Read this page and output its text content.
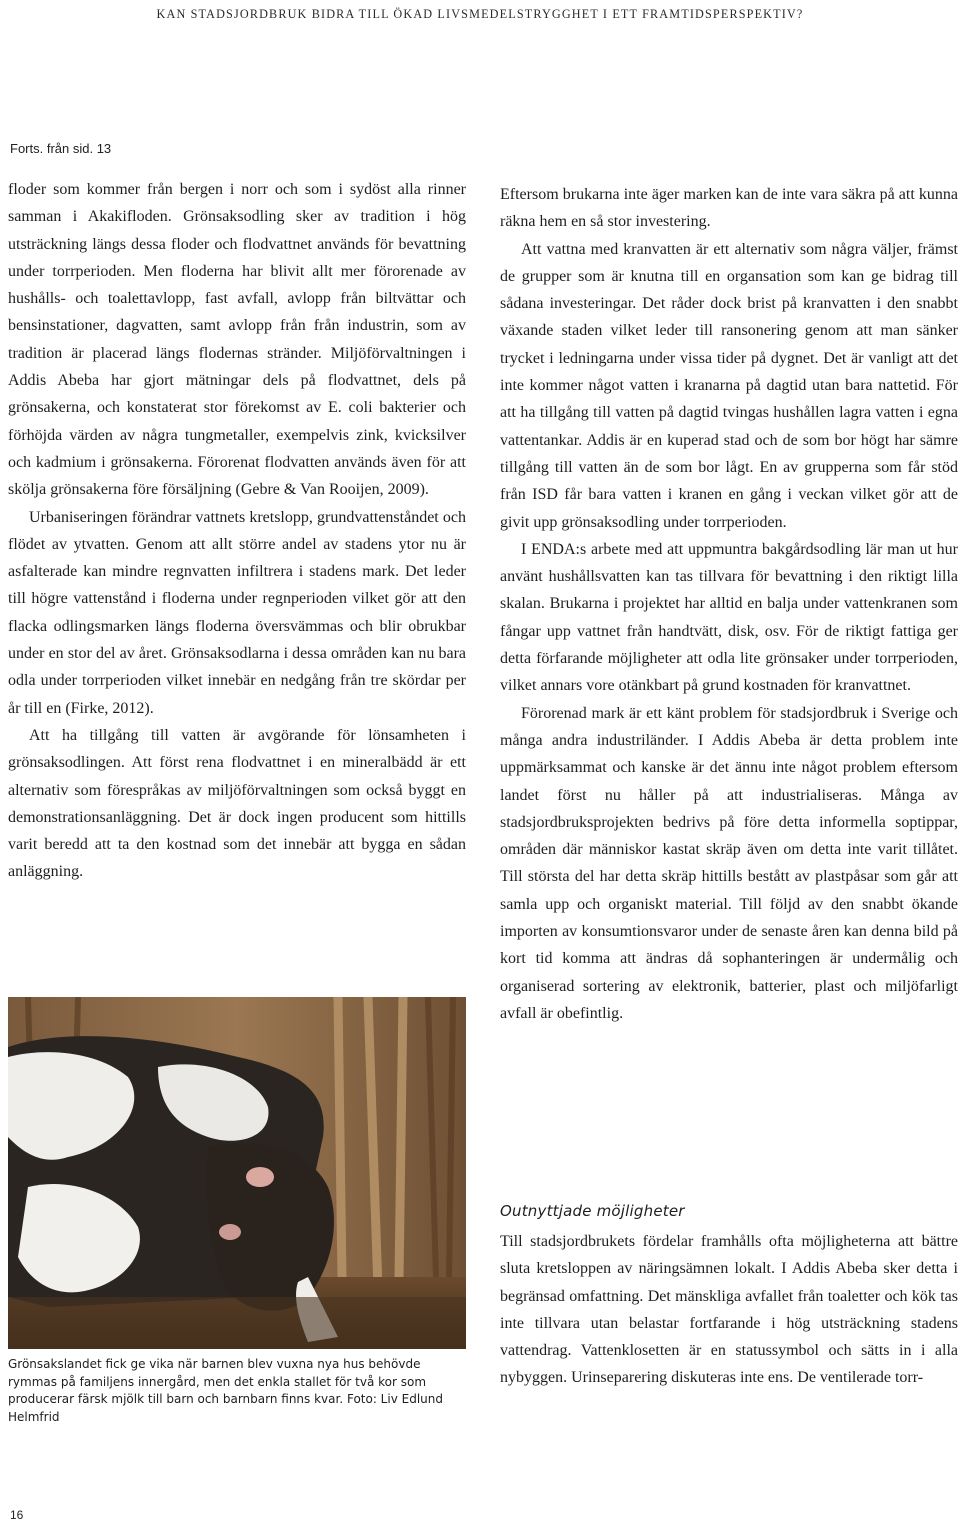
KAN STADSJORDBRUK BIDRA TILL ÖKAD LIVSMEDELSTRYGGHET I ETT FRAMTIDSPERSPEKTIV?
Forts. från sid. 13

floder som kommer från bergen i norr och som i sydöst alla rinner samman i Akakifloden. Grönsaksodling sker av tradition i hög utsträckning längs dessa floder och flodvattnet används för bevattning under torrperioden. Men floderna har blivit allt mer förorenade av hushålls- och toalettavlopp, fast avfall, avlopp från biltvättar och bensinstationer, dagvatten, samt avlopp från från industrin, som av tradition är placerad längs flodernas stränder. Miljöförvaltningen i Addis Abeba har gjort mätningar dels på flodvattnet, dels på grönsakerna, och konstaterat stor förekomst av E. coli bakterier och förhöjda värden av några tungmetaller, exempelvis zink, kvicksilver och kadmium i grönsakerna. Förorenat flodvatten används även för att skölja grönsakerna före försäljning (Gebre & Van Rooijen, 2009).

Urbaniseringen förändrar vattnets kretslopp, grundvattenståndet och flödet av ytvatten. Genom att allt större andel av stadens ytor nu är asfalterade kan mindre regnvatten infiltrera i stadens mark. Det leder till högre vattenstånd i floderna under regnperioden vilket gör att den flacka odlingsmarken längs floderna översvämmas och blir obrukbar under en stor del av året. Grönsaksodlarna i dessa områden kan nu bara odla under torrperioden vilket innebär en nedgång från tre skördar per år till en (Firke, 2012).

Att ha tillgång till vatten är avgörande för lönsamheten i grönsaksodlingen. Att först rena flodvattnet i en mineralbädd är ett alternativ som förespråkas av miljöförvaltningen som också byggt en demonstrationsanläggning. Det är dock ingen producent som hittills varit beredd att ta den kostnad som det innebär att bygga en sådan anläggning.

Grönsakslandet fick ge vika när barnen blev vuxna nya hus behövde rymmas på familjens innergård, men det enkla stallet för två kor som producerar färsk mjölk till barn och barnbarn finns kvar. Foto: Liv Edlund Helmfrid

Eftersom brukarna inte äger marken kan de inte vara säkra på att kunna räkna hem en så stor investering.

Att vattna med kranvatten är ett alternativ som några väljer, främst de grupper som är knutna till en organsation som kan ge bidrag till sådana investeringar. Det råder dock brist på kranvatten i den snabbt växande staden vilket leder till ransonering genom att man sänker trycket i ledningarna under vissa tider på dygnet. Det är vanligt att det inte kommer något vatten i kranarna på dagtid utan bara nattetid. För att ha tillgång till vatten på dagtid tvingas hushållen lagra vatten i egna vattentankar. Addis är en kuperad stad och de som bor högt har sämre tillgång till vatten än de som bor lågt. En av grupperna som får stöd från ISD får bara vatten i kranen en gång i veckan vilket gör att de givit upp grönsaksodling under torrperioden.

I ENDA:s arbete med att uppmuntra bakgårdsodling lär man ut hur använt hushållsvatten kan tas tillvara för bevattning i den riktigt lilla skalan. Brukarna i projektet har alltid en balja under vattenkranen som fångar upp vattnet från handtvätt, disk, osv. För de riktigt fattiga ger detta förfarande möjligheter att odla lite grönsaker under torrperioden, vilket annars vore otänkbart på grund kostnaden för kranvattnet.

Förorenad mark är ett känt problem för stadsjordbruk i Sverige och många andra industriländer. I Addis Abeba är detta problem inte uppmärksammat och kanske är det ännu inte något problem eftersom landet först nu håller på att industrialiseras. Många av stadsjordbruksprojekten bedrivs på före detta informella soptippar, områden där människor kastat skräp även om detta inte varit tillåtet. Till största del har detta skräp hittills bestått av plastpåsar som går att samla upp och organiskt material. Till följd av den snabbt ökande importen av konsumtionsvaror under de senaste åren kan denna bild på kort tid komma att ändras då sophanteringen är undermålig och organiserad sortering av elektronik, batterier, plast och miljöfarligt avfall är obefintlig.

Outnyttjade möjligheter

Till stadsjordbrukets fördelar framhålls ofta möjligheterna att bättre sluta kretsloppen av näringsämnen lokalt. I Addis Abeba sker detta i begränsad omfattning. Det mänskliga avfallet från toaletter och kök tas inte tillvara utan belastar fortfarande i hög utsträckning stadens vattendrag. Vattenklosetten är en statussymbol och sätts in i alla nybyggen. Urinseparering diskuteras inte ens. De ventilerade torr-

16
